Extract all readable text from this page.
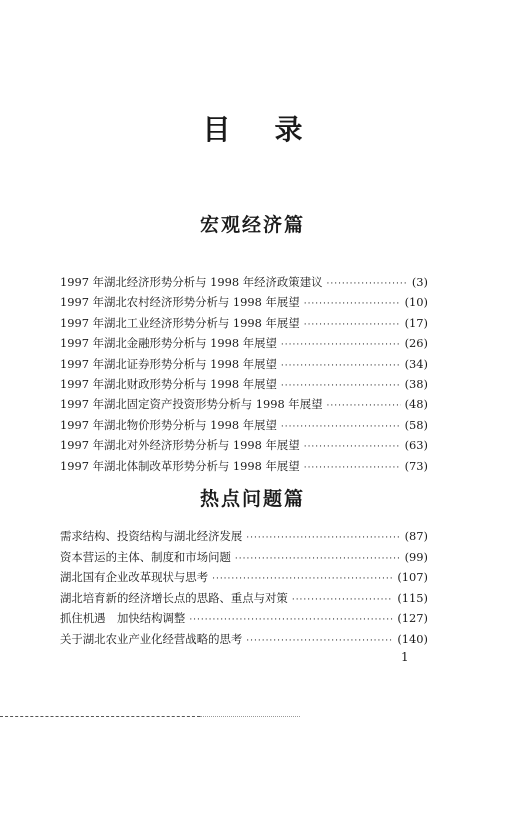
目录
宏观经济篇
1997 年湖北经济形势分析与 1998 年经济政策建议 ·····	(3)
1997 年湖北农村经济形势分析与 1998 年展望 ·····	(10)
1997 年湖北工业经济形势分析与 1998 年展望 ·····	(17)
1997 年湖北金融形势分析与 1998 年展望 ·····	(26)
1997 年湖北证券形势分析与 1998 年展望 ·····	(34)
1997 年湖北财政形势分析与 1998 年展望 ·····	(38)
1997 年湖北固定资产投资形势分析与 1998 年展望 ·····	(48)
1997 年湖北物价形势分析与 1998 年展望 ·····	(58)
1997 年湖北对外经济形势分析与 1998 年展望 ·····	(63)
1997 年湖北体制改革形势分析与 1998 年展望 ·····	(73)
热点问题篇
需求结构、投资结构与湖北经济发展 ·····	(87)
资本营运的主体、制度和市场问题 ·····	(99)
湖北国有企业改革现状与思考 ·····	(107)
湖北培育新的经济增长点的思路、重点与对策 ·····	(115)
抓住机遇　加快结构调整 ·····	(127)
关于湖北农业产业化经营战略的思考 ·····	(140)
1
